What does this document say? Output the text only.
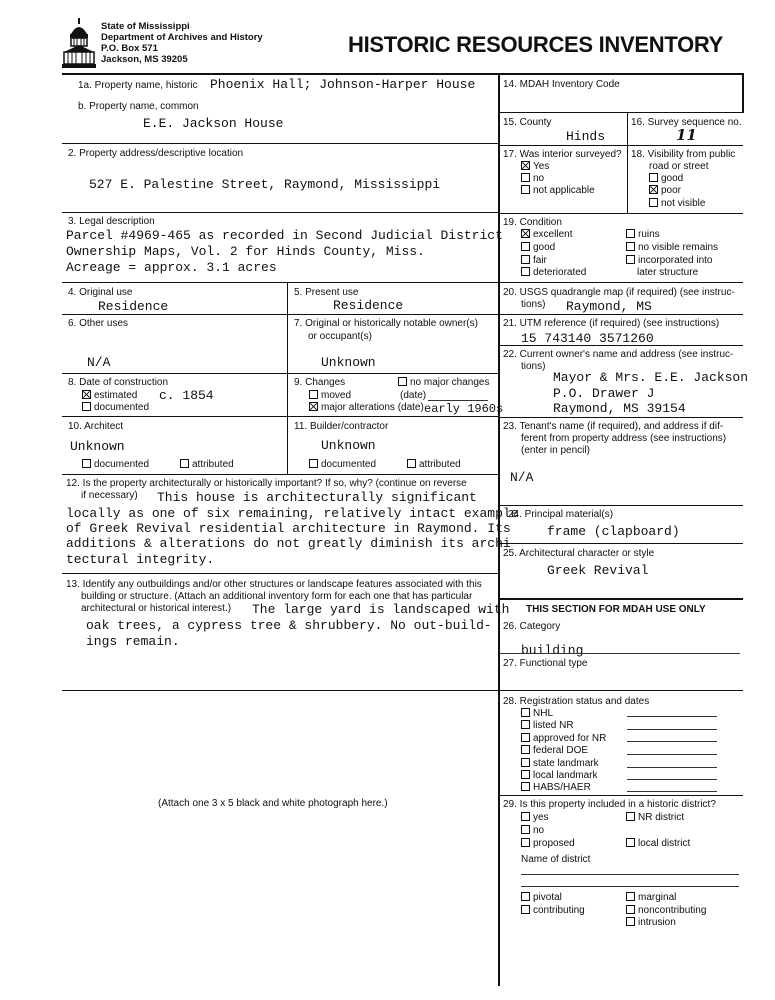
State of Mississippi
Department of Archives and History
P.O. Box 571
Jackson, MS 39205
HISTORIC RESOURCES INVENTORY
1a. Property name, historic Phoenix Hall; Johnson-Harper House
b. Property name, common
E.E. Jackson House
2. Property address/descriptive location
527 E. Palestine Street, Raymond, Mississippi
3. Legal description
Parcel #4969-465 as recorded in Second Judicial District
Ownership Maps, Vol. 2 for Hinds County, Miss.
Acreage = approx. 3.1 acres
4. Original use
Residence
5. Present use
Residence
6. Other uses
N/A
7. Original or historically notable owner(s)
or occupant(s)
Unknown
8. Date of construction
estimated
documented
c. 1854
9. Changes	no major changes
moved	(date)
major alterations (date) early 1960s
10. Architect
Unknown
documented	attributed
11. Builder/contractor
Unknown
documented	attributed
12. Is the property architecturally or historically important? If so, why? (continue on reverse
if necessary) This house is architecturally significant
locally as one of six remaining, relatively intact example
of Greek Revival residential architecture in Raymond. Its
additions & alterations do not greatly diminish its archi-
tectural integrity.
13. Identify any outbuildings and/or other structures or landscape features associated with this
building or structure. (Attach an additional inventory form for each one that has particular
architectural or historical interest.) The large yard is landscaped with
oak trees, a cypress tree & shrubbery. No out-build-
ings remain.
(Attach one 3 x 5 black and white photograph here.)
14. MDAH Inventory Code
15. County
Hinds
16. Survey sequence no.
11
17. Was interior surveyed?
Yes
no
not applicable
18. Visibility from public
road or street
good
poor
not visible
19. Condition
excellent
good
fair
deteriorated
ruins
no visible remains
incorporated into
later structure
20. USGS quadrangle map (if required) (see instruc-
tions) Raymond, MS
21. UTM reference (if required) (see instructions)
15 743140 3571260
22. Current owner's name and address (see instruc-
tions)
Mayor & Mrs. E.E. Jackson
P.O. Drawer J
Raymond, MS 39154
23. Tenant's name (if required), and address if dif-
ferent from property address (see instructions)
(enter in pencil)
N/A
24. Principal material(s)
frame (clapboard)
25. Architectural character or style
Greek Revival
THIS SECTION FOR MDAH USE ONLY
26. Category
building
27. Functional type
28. Registration status and dates
NHL
listed NR
approved for NR
federal DOE
state landmark
local landmark
HABS/HAER
29. Is this property included in a historic district?
yes	NR district
no
proposed	local district
Name of district
pivotal
contributing
marginal
noncontributing
intrusion
